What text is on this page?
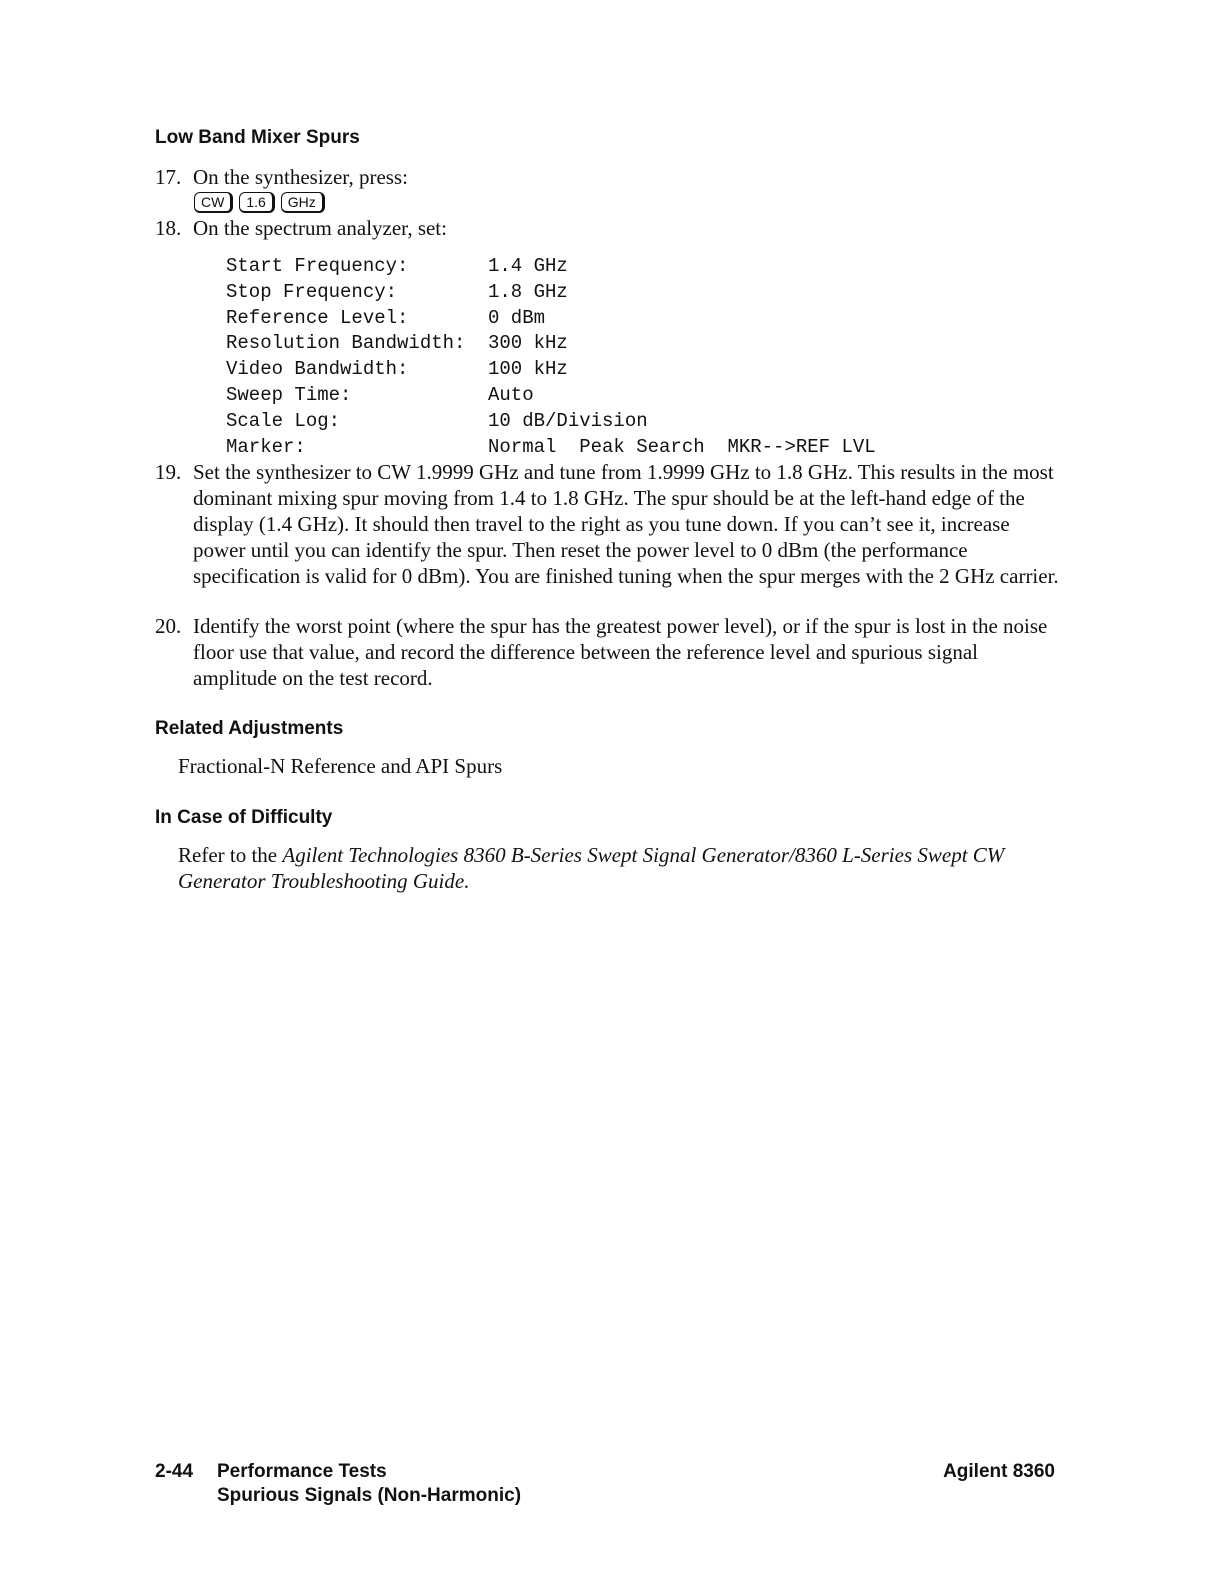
Low Band Mixer Spurs
17. On the synthesizer, press:
CW	1.6	GHz
18. On the spectrum analyzer, set:
Start Frequency:	1.4 GHz
Stop Frequency:	1.8 GHz
Reference Level:	0 dBm
Resolution Bandwidth: 300 kHz
Video Bandwidth:	100 kHz
Sweep Time:	Auto
Scale Log:	10 dB/Division
Marker:	Normal  Peak Search  MKR-->REF LVL
19. Set the synthesizer to CW 1.9999 GHz and tune from 1.9999 GHz to 1.8 GHz. This results in the most dominant mixing spur moving from 1.4 to 1.8 GHz. The spur should be at the left-hand edge of the display (1.4 GHz). It should then travel to the right as you tune down. If you can’t see it, increase power until you can identify the spur. Then reset the power level to 0 dBm (the performance specification is valid for 0 dBm). You are finished tuning when the spur merges with the 2 GHz carrier.
20. Identify the worst point (where the spur has the greatest power level), or if the spur is lost in the noise floor use that value, and record the difference between the reference level and spurious signal amplitude on the test record.
Related Adjustments
Fractional-N Reference and API Spurs
In Case of Difficulty
Refer to the Agilent Technologies 8360 B-Series Swept Signal Generator/8360 L-Series Swept CW Generator Troubleshooting Guide.
2-44 Performance Tests
Spurious Signals (Non-Harmonic)
Agilent 8360
